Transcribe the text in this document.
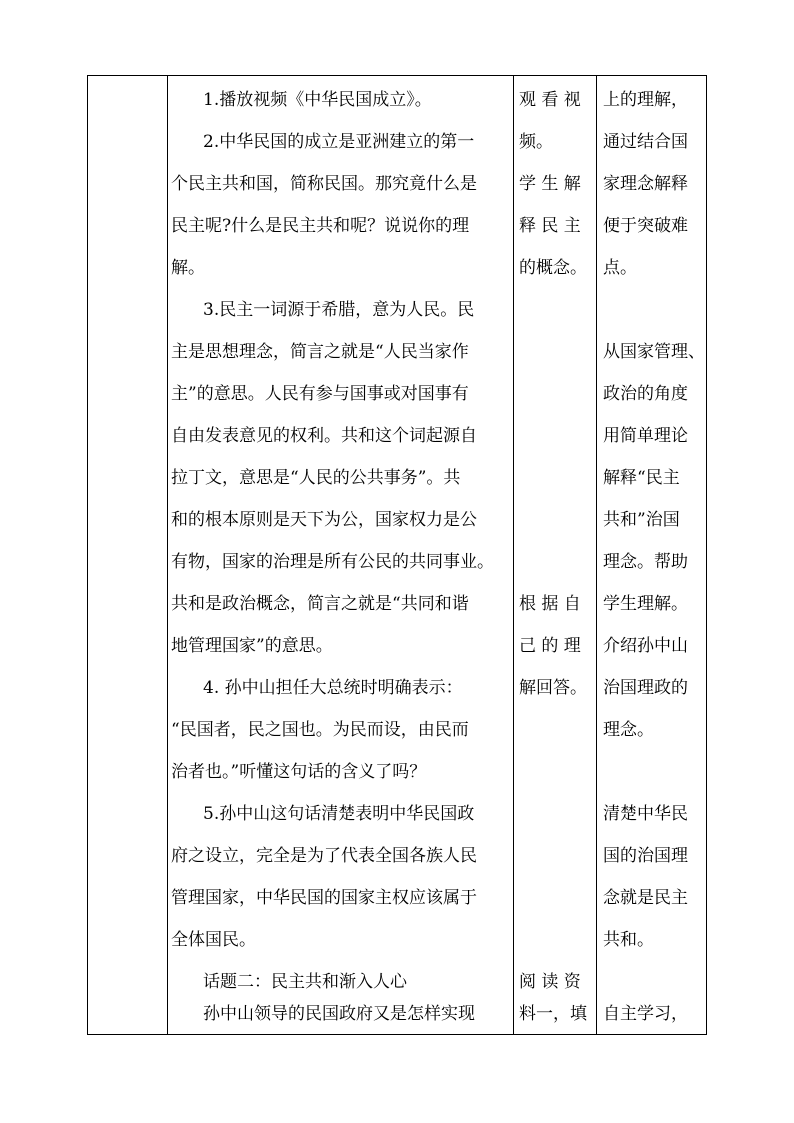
1.播放视频《中华民国成立》。
2.中华民国的成立是亚洲建立的第一
个民主共和国，简称民国。那究竟什么是
民主呢?什么是民主共和呢？说说你的理
解。
3.民主一词源于希腊，意为人民。民
主是思想理念，简言之就是“人民当家作
主”的意思。人民有参与国事或对国事有
自由发表意见的权利。共和这个词起源自
拉丁文，意思是“人民的公共事务”。共
和的根本原则是天下为公，国家权力是公
有物，国家的治理是所有公民的共同事业。
共和是政治概念，简言之就是“共同和谐
地管理国家”的意思。
4. 孙中山担任大总统时明确表示：
“民国者，民之国也。为民而设，由民而
治者也。”听懂这句话的含义了吗？
5.孙中山这句话清楚表明中华民国政
府之设立，完全是为了代表全国各族人民
管理国家，中华民国的国家主权应该属于
全体国民。
话题二：民主共和渐入人心
孙中山领导的民国政府又是怎样实现
观 看 视
频。
学 生 解
释 民 主
的概念。
根 据 自
己 的 理
解回答。
阅 读 资
料一，填
上的理解，
通过结合国
家理念解释
便于突破难
点。
从国家管理、
政治的角度
用简单理论
解释“民主
共和”治国
理念。帮助
学生理解。
介绍孙中山
治国理政的
理念。
清楚中华民
国的治国理
念就是民主
共和。
自主学习，
